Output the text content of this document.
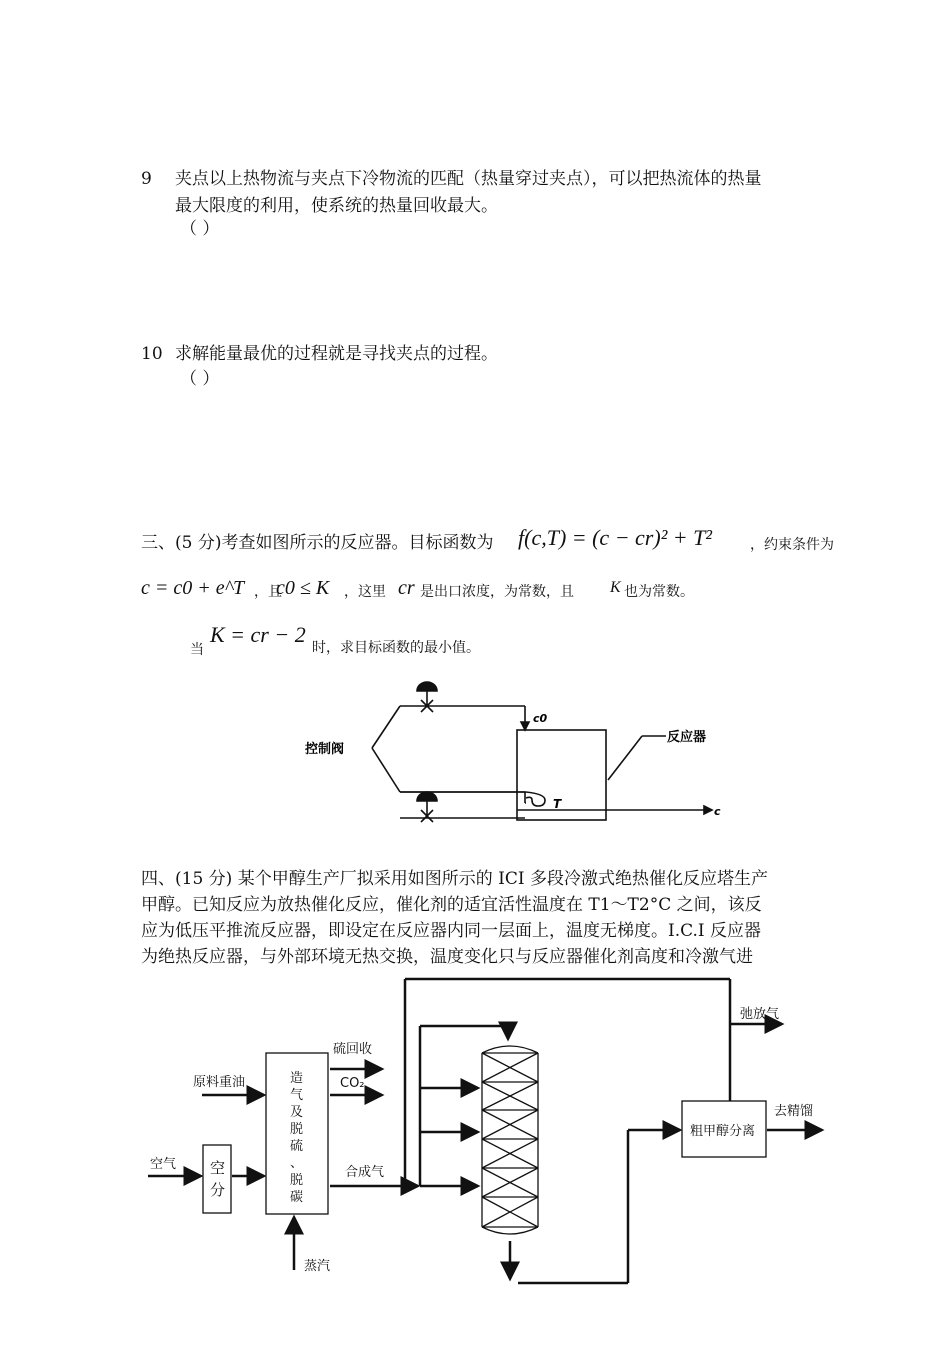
9 夹点以上热物流与夹点下冷物流的匹配（热量穿过夹点），可以把热流体的热量
最大限度的利用，使系统的热量回收最大。
（ ）
10 求解能量最优的过程就是寻找夹点的过程。
（ ）
三、(5 分)考查如图所示的反应器。目标函数为 f(c,T) = (c − cr)² + T²	，约束条件为
c = c0 + e^T ，且
c0 ≤ K ，这里 cr 是出口浓度，为常数，且 K 也为常数。
当
K = cr − 2
时，求目标函数的最小值。
控制阀
反应器
c0
T
c
四、(15 分) 某个甲醇生产厂拟采用如图所示的 ICI 多段冷激式绝热催化反应塔生产
甲醇。已知反应为放热催化反应，催化剂的适宜活性温度在 T1～T2°C 之间，该反
应为低压平推流反应器，即设定在反应器内同一层面上，温度无梯度。I.C.I 反应器
为绝热反应器，与外部环境无热交换，温度变化只与反应器催化剂高度和冷激气进
弛放气
硫回收
CO₂
原料重油
空气
合成气
粗甲醇分离
去精馏
蒸汽
空
分
造
气
及
脱
硫
、
脱
碳
